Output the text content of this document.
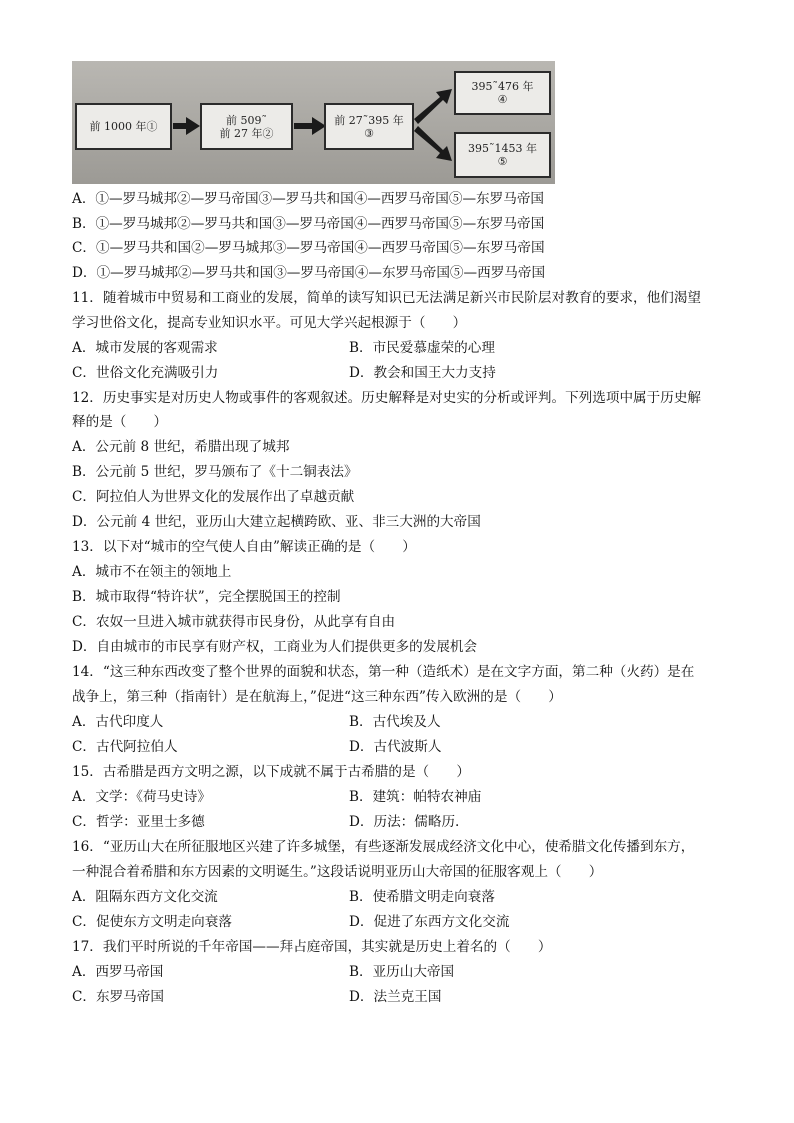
前 1000 年①	前 509˜
前 27 年②
前 27˜395 年
③
395˜476 年
④
395˜1453 年
⑤
A．①—罗马城邦②—罗马帝国③—罗马共和国④—西罗马帝国⑤—东罗马帝国
B．①—罗马城邦②—罗马共和国③—罗马帝国④—西罗马帝国⑤—东罗马帝国
C．①—罗马共和国②—罗马城邦③—罗马帝国④—西罗马帝国⑤—东罗马帝国
D．①—罗马城邦②—罗马共和国③—罗马帝国④—东罗马帝国⑤—西罗马帝国
11．随着城市中贸易和工商业的发展，简单的读写知识已无法满足新兴市民阶层对教育的要求，他们渴望
学习世俗文化，提高专业知识水平。可见大学兴起根源于（　　）
A．城市发展的客观需求	B．市民爱慕虚荣的心理
C．世俗文化充满吸引力	D．教会和国王大力支持
12．历史事实是对历史人物或事件的客观叙述。历史解释是对史实的分析或评判。下列选项中属于历史解
释的是（　　）
A．公元前 8 世纪，希腊出现了城邦
B．公元前 5 世纪，罗马颁布了《十二铜表法》
C．阿拉伯人为世界文化的发展作出了卓越贡献
D．公元前 4 世纪，亚历山大建立起横跨欧、亚、非三大洲的大帝国
13．以下对“城市的空气使人自由”解读正确的是（　　）
A．城市不在领主的领地上
B．城市取得“特许状”，完全摆脱国王的控制
C．农奴一旦进入城市就获得市民身份，从此享有自由
D．自由城市的市民享有财产权，工商业为人们提供更多的发展机会
14．“这三种东西改变了整个世界的面貌和状态，第一种（造纸术）是在文字方面，第二种（火药）是在
战争上，第三种（指南针）是在航海上，”促进“这三种东西”传入欧洲的是（　　）
A．古代印度人	B．古代埃及人
C．古代阿拉伯人	D．古代波斯人
15．古希腊是西方文明之源，以下成就不属于古希腊的是（　　）
A．文学：《荷马史诗》	B．建筑：帕特农神庙
C．哲学：亚里士多德	D．历法：儒略历.
16．“亚历山大在所征服地区兴建了许多城堡，有些逐渐发展成经济文化中心，使希腊文化传播到东方，
一种混合着希腊和东方因素的文明诞生。”这段话说明亚历山大帝国的征服客观上（　　）
A．阻隔东西方文化交流	B．使希腊文明走向衰落
C．促使东方文明走向衰落	D．促进了东西方文化交流
17．我们平时所说的千年帝国——拜占庭帝国，其实就是历史上着名的（　　）
A．西罗马帝国	B．亚历山大帝国
C．东罗马帝国	D．法兰克王国
